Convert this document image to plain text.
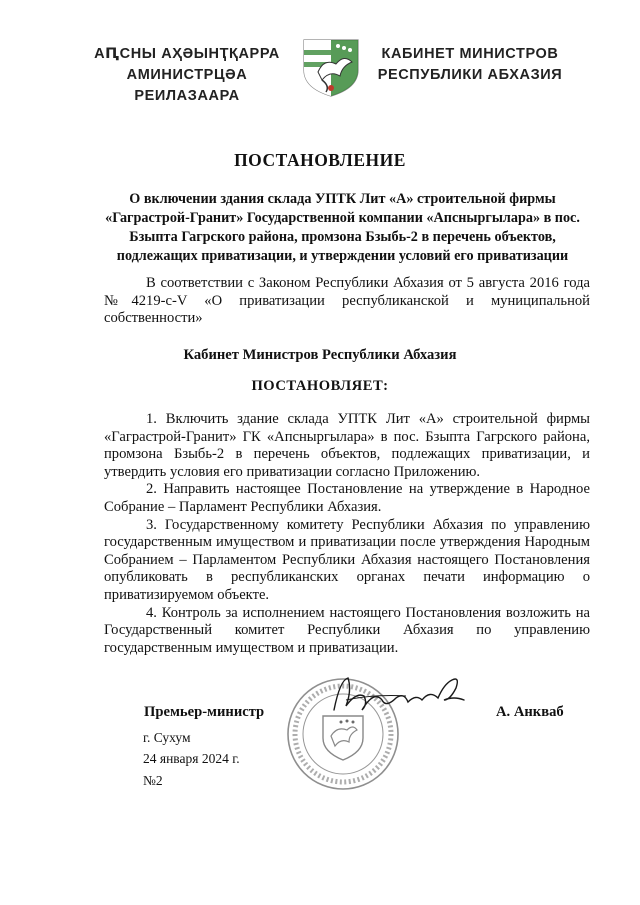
АԤСНЫ АҲӘЫНҬҚАРРА
АМИНИСТРЦӘА РЕИЛАЗААРА
КАБИНЕТ МИНИСТРОВ
РЕСПУБЛИКИ АБХАЗИЯ
ПОСТАНОВЛЕНИЕ
О включении здания склада УПТК Лит «А» строительной фирмы «Гагрaстрой-Гранит» Государственной компании «Апсныргылара» в пос. Бзыпта Гагрского района, промзона Бзыбь-2 в перечень объектов, подлежащих приватизации, и утверждении условий его приватизации

В соответствии с Законом Республики Абхазия от 5 августа 2016 года №4219-с-V «О приватизации республиканской и муниципальной собственности»

Кабинет Министров Республики Абхазия
ПОСТАНОВЛЯЕТ:

1. Включить здание склада УПТК Лит «А» строительной фирмы «Гагрaстрой-Гранит» ГК «Апсныргылара» в пос. Бзыпта Гагрского района, промзона Бзыбь-2 в перечень объектов, подлежащих приватизации, и утвердить условия его приватизации согласно Приложению.

2. Направить настоящее Постановление на утверждение в Народное Собрание – Парламент Республики Абхазия.

3. Государственному комитету Республики Абхазия по управлению государственным имуществом и приватизации после утверждения Народным Собранием – Парламентом Республики Абхазия настоящего Постановления опубликовать в республиканских органах печати информацию о приватизируемом объекте.

4. Контроль за исполнением настоящего Постановления возложить на Государственный комитет Республики Абхазия по управлению государственным имуществом и приватизации.

Премьер-министр	А. Анкваб
г. Сухум
24 января 2024 г.
№2
